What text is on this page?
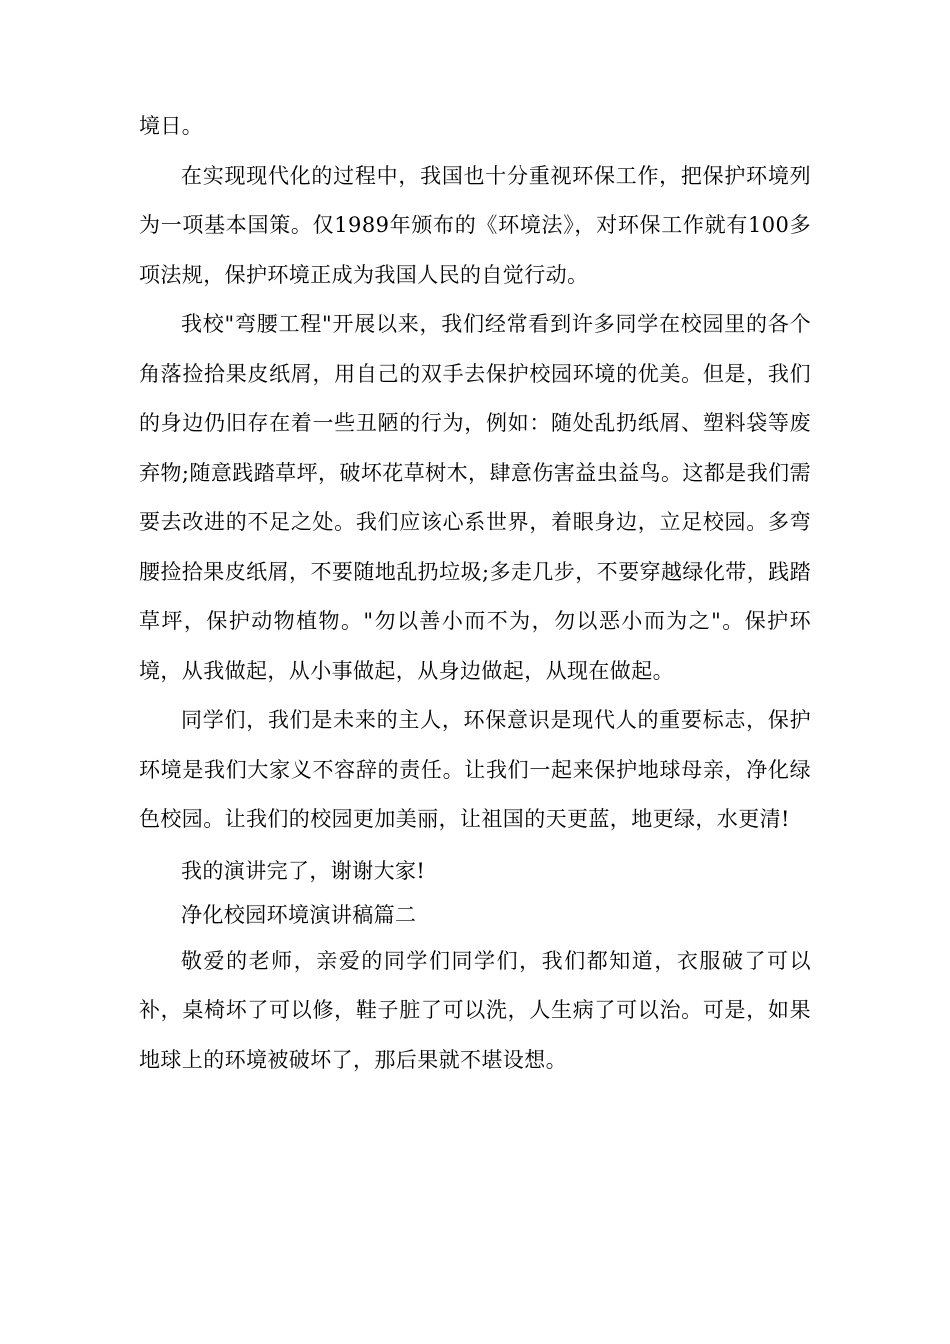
境日。

在实现现代化的过程中，我国也十分重视环保工作，把保护环境列为一项基本国策。仅1989年颁布的《环境法》，对环保工作就有100多项法规，保护环境正成为我国人民的自觉行动。

我校"弯腰工程"开展以来，我们经常看到许多同学在校园里的各个角落捡拾果皮纸屑，用自己的双手去保护校园环境的优美。但是，我们的身边仍旧存在着一些丑陋的行为，例如：随处乱扔纸屑、塑料袋等废弃物;随意践踏草坪，破坏花草树木，肆意伤害益虫益鸟。这都是我们需要去改进的不足之处。我们应该心系世界，着眼身边，立足校园。多弯腰捡拾果皮纸屑，不要随地乱扔垃圾;多走几步，不要穿越绿化带，践踏草坪，保护动物植物。"勿以善小而不为，勿以恶小而为之"。保护环境，从我做起，从小事做起，从身边做起，从现在做起。

同学们，我们是未来的主人，环保意识是现代人的重要标志，保护环境是我们大家义不容辞的责任。让我们一起来保护地球母亲，净化绿色校园。让我们的校园更加美丽，让祖国的天更蓝，地更绿，水更清!

我的演讲完了，谢谢大家!

净化校园环境演讲稿篇二

敬爱的老师，亲爱的同学们同学们，我们都知道，衣服破了可以补，桌椅坏了可以修，鞋子脏了可以洗，人生病了可以治。可是，如果地球上的环境被破坏了，那后果就不堪设想。
